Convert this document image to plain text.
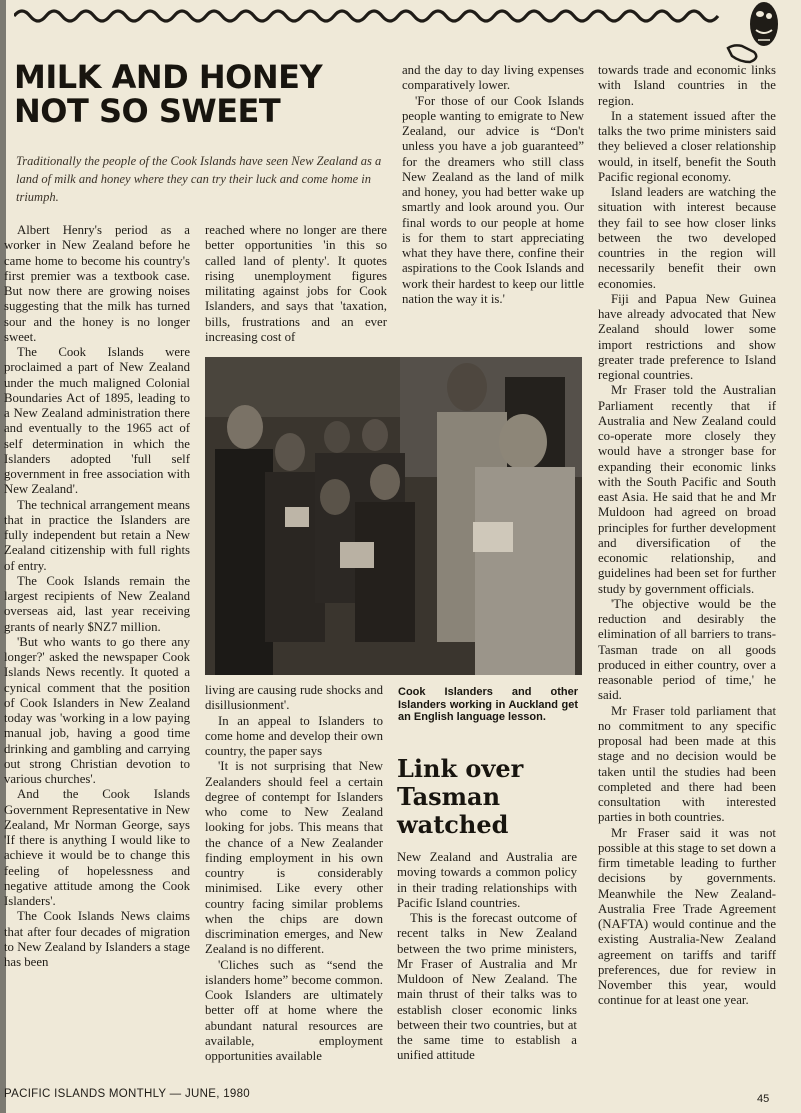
MILK AND HONEY NOT SO SWEET
Traditionally the people of the Cook Islands have seen New Zealand as a land of milk and honey where they can try their luck and come home in triumph.

Albert Henry's period as a worker in New Zealand before he came home to become his country's first premier was a textbook case. But now there are growing noises suggesting that the milk has turned sour and the honey is no longer sweet.

The Cook Islands were proclaimed a part of New Zealand under the much maligned Colonial Boundaries Act of 1895, leading to a New Zealand administration there and eventually to the 1965 act of self determination in which the Islanders adopted 'full self government in free association with New Zealand'.

The technical arrangement means that in practice the Islanders are fully independent but retain a New Zealand citizenship with full rights of entry.

The Cook Islands remain the largest recipients of New Zealand overseas aid, last year receiving grants of nearly $NZ7 million.

'But who wants to go there any longer?' asked the newspaper Cook Islands News recently. It quoted a cynical comment that the position of Cook Islanders in New Zealand today was 'working in a low paying manual job, having a good time drinking and gambling and carrying out strong Christian devotion to various churches'.

And the Cook Islands Government Representative in New Zealand, Mr Norman George, says 'If there is anything I would like to achieve it would be to change this feeling of hopelessness and negative attitude among the Cook Islanders'.

The Cook Islands News claims that after four decades of migration to New Zealand by Islanders a stage has been

reached where no longer are there better opportunities 'in this so called land of plenty'. It quotes rising unemployment figures militating against jobs for Cook Islanders, and says that 'taxation, bills, frustrations and an ever increasing cost of

living are causing rude shocks and disillusionment'.

In an appeal to Islanders to come home and develop their own country, the paper says

'It is not surprising that New Zealanders should feel a certain degree of contempt for Islanders who come to New Zealand looking for jobs. This means that the chance of a New Zealander finding employment in his own country is considerably minimised. Like every other country facing similar problems when the chips are down discrimination emerges, and New Zealand is no different.

'Cliches such as “send the islanders home” become common. Cook Islanders are ultimately better off at home where the abundant natural resources are available, employment opportunities available

and the day to day living expenses comparatively lower.

'For those of our Cook Islands people wanting to emigrate to New Zealand, our advice is “Don't unless you have a job guaranteed” for the dreamers who still class New Zealand as the land of milk and honey, you had better wake up smartly and look around you. Our final words to our people at home is for them to start appreciating what they have there, confine their aspirations to the Cook Islands and work their hardest to keep our little nation the way it is.'

Cook Islanders and other Islanders working in Auckland get an English language lesson.
Link over Tasman watched

New Zealand and Australia are moving towards a common policy in their trading relationships with Pacific Island countries.

This is the forecast outcome of recent talks in New Zealand between the two prime ministers, Mr Fraser of Australia and Mr Muldoon of New Zealand. The main thrust of their talks was to establish closer economic links between their two countries, but at the same time to establish a unified attitude

towards trade and economic links with Island countries in the region.

In a statement issued after the talks the two prime ministers said they believed a closer relationship would, in itself, benefit the South Pacific regional economy.

Island leaders are watching the situation with interest because they fail to see how closer links between the two developed countries in the region will necessarily benefit their own economies.

Fiji and Papua New Guinea have already advocated that New Zealand should lower some import restrictions and show greater trade preference to Island regional countries.

Mr Fraser told the Australian Parliament recently that if Australia and New Zealand could co-operate more closely they would have a stronger base for expanding their economic links with the South Pacific and South east Asia. He said that he and Mr Muldoon had agreed on broad principles for further development and diversification of the economic relationship, and guidelines had been set for further study by government officials.

'The objective would be the reduction and desirably the elimination of all barriers to trans-Tasman trade on all goods produced in either country, over a reasonable period of time,' he said.

Mr Fraser told parliament that no commitment to any specific proposal had been made at this stage and no decision would be taken until the studies had been completed and there had been consultation with interested parties in both countries.

Mr Fraser said it was not possible at this stage to set down a firm timetable leading to further decisions by governments. Meanwhile the New Zealand-Australia Free Trade Agreement (NAFTA) would continue and the existing Australia-New Zealand agreement on tariffs and tariff preferences, due for review in November this year, would continue for at least one year.

PACIFIC ISLANDS MONTHLY — JUNE, 1980	45
